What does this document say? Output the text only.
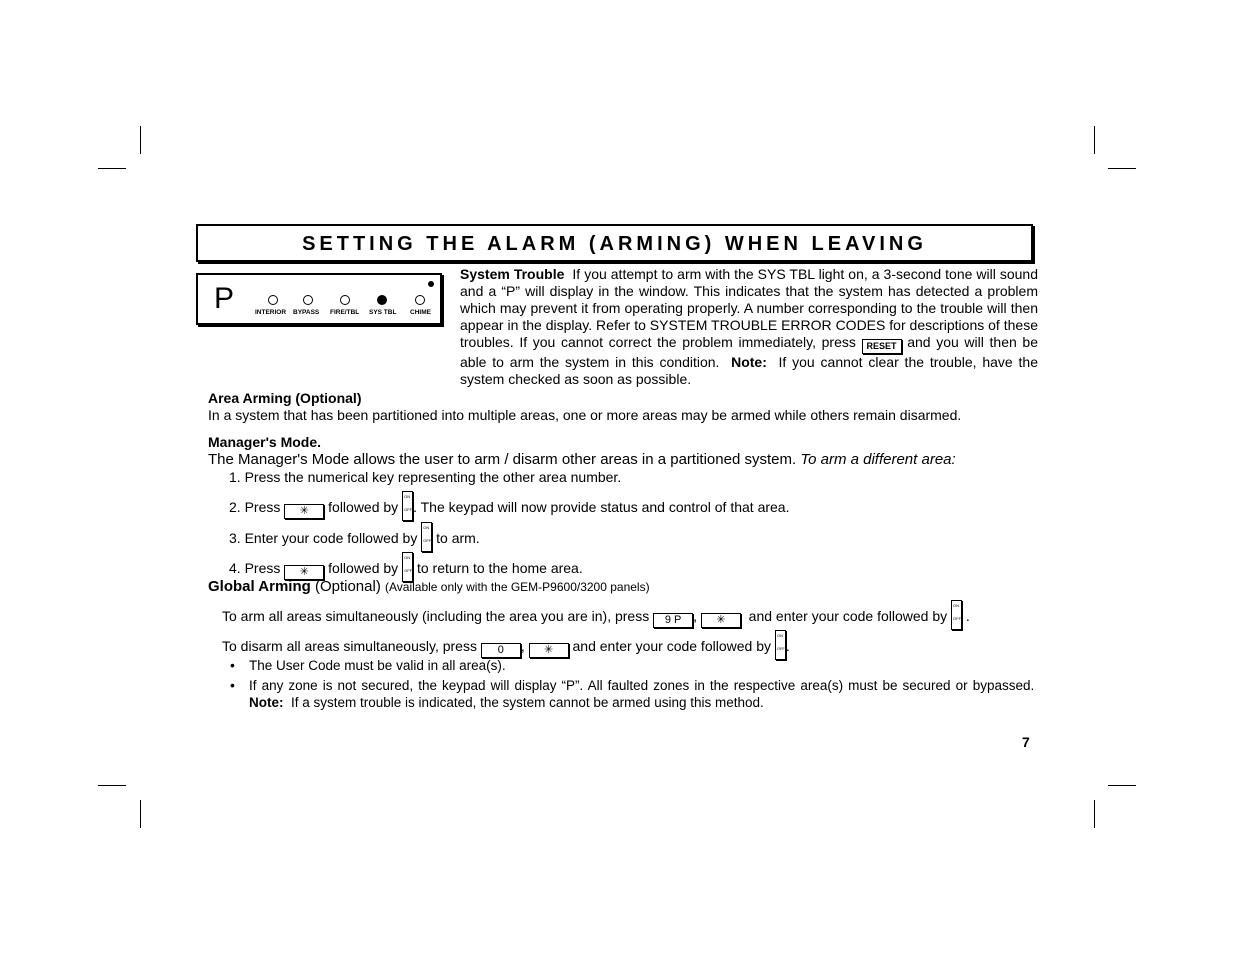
SETTING THE ALARM (ARMING) WHEN LEAVING
P	INTERIOR BYPASS FIRE/TBL SYS TBL CHIME
System Trouble If you attempt to arm with the SYS TBL light on, a 3-second tone will sound and a “P” will display in the window. This indicates that the system has detected a problem which may prevent it from operating properly. A number corresponding to the trouble will then appear in the display. Refer to SYSTEM TROUBLE ERROR CODES for descriptions of these troubles. If you cannot correct the problem immediately, press RESET and you will then be able to arm the system in this condition. Note: If you cannot clear the trouble, have the system checked as soon as possible.
Area Arming (Optional)
In a system that has been partitioned into multiple areas, one or more areas may be armed while others remain disarmed.
Manager's Mode.
The Manager's Mode allows the user to arm / disarm other areas in a partitioned system. To arm a different area:
1. Press the numerical key representing the other area number.
2. Press ✳ followed by
ON
OFF . The keypad will now provide status and control of that area.
3. Enter your code followed by
ON
OFF to arm.
4. Press ✳ followed by
ON
OFF to return to the home area.
Global Arming (Optional) (Available only with the GEM-P9600/3200 panels)
To arm all areas simultaneously (including the area you are in), press 9 P , ✳ and enter your code followed by
ON
OFF .
To disarm all areas simultaneously, press 0 , ✳ and enter your code followed by
ON
OFF .
• The User Code must be valid in all area(s).
• If any zone is not secured, the keypad will display “P”. All faulted zones in the respective area(s) must be secured or bypassed.  Note: If a system trouble is indicated, the system cannot be armed using this method.
7
